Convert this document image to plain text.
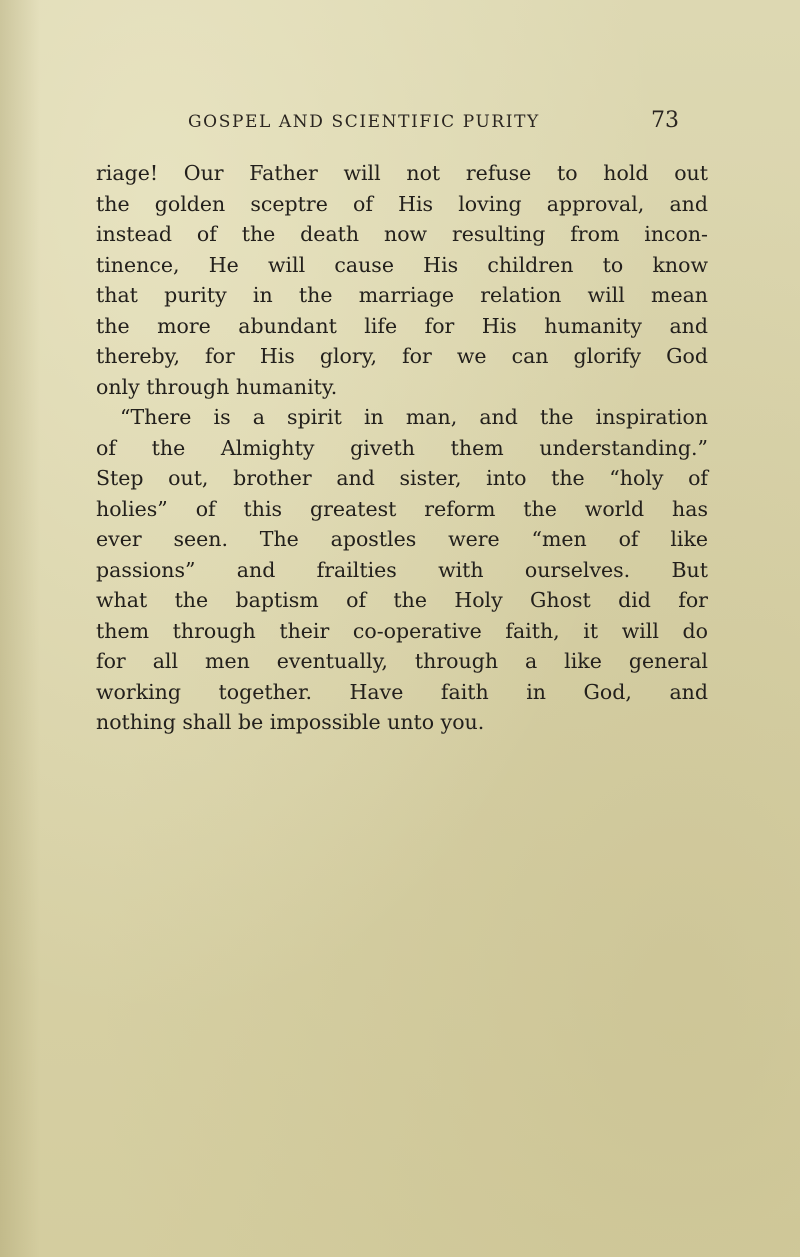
GOSPEL AND SCIENTIFIC PURITY	73
riage! Our Father will not refuse to hold out
the golden sceptre of His loving approval, and
instead of the death now resulting from incon-
tinence, He will cause His children to know
that purity in the marriage relation will mean
the more abundant life for His humanity and
thereby, for His glory, for we can glorify God
only through humanity.
“There is a spirit in man, and the inspiration
of the Almighty giveth them understanding.”
Step out, brother and sister, into the “holy of
holies” of this greatest reform the world has
ever seen. The apostles were “men of like
passions” and frailties with ourselves. But
what the baptism of the Holy Ghost did for
them through their co-operative faith, it will do
for all men eventually, through a like general
working together. Have faith in God, and
nothing shall be impossible unto you.
